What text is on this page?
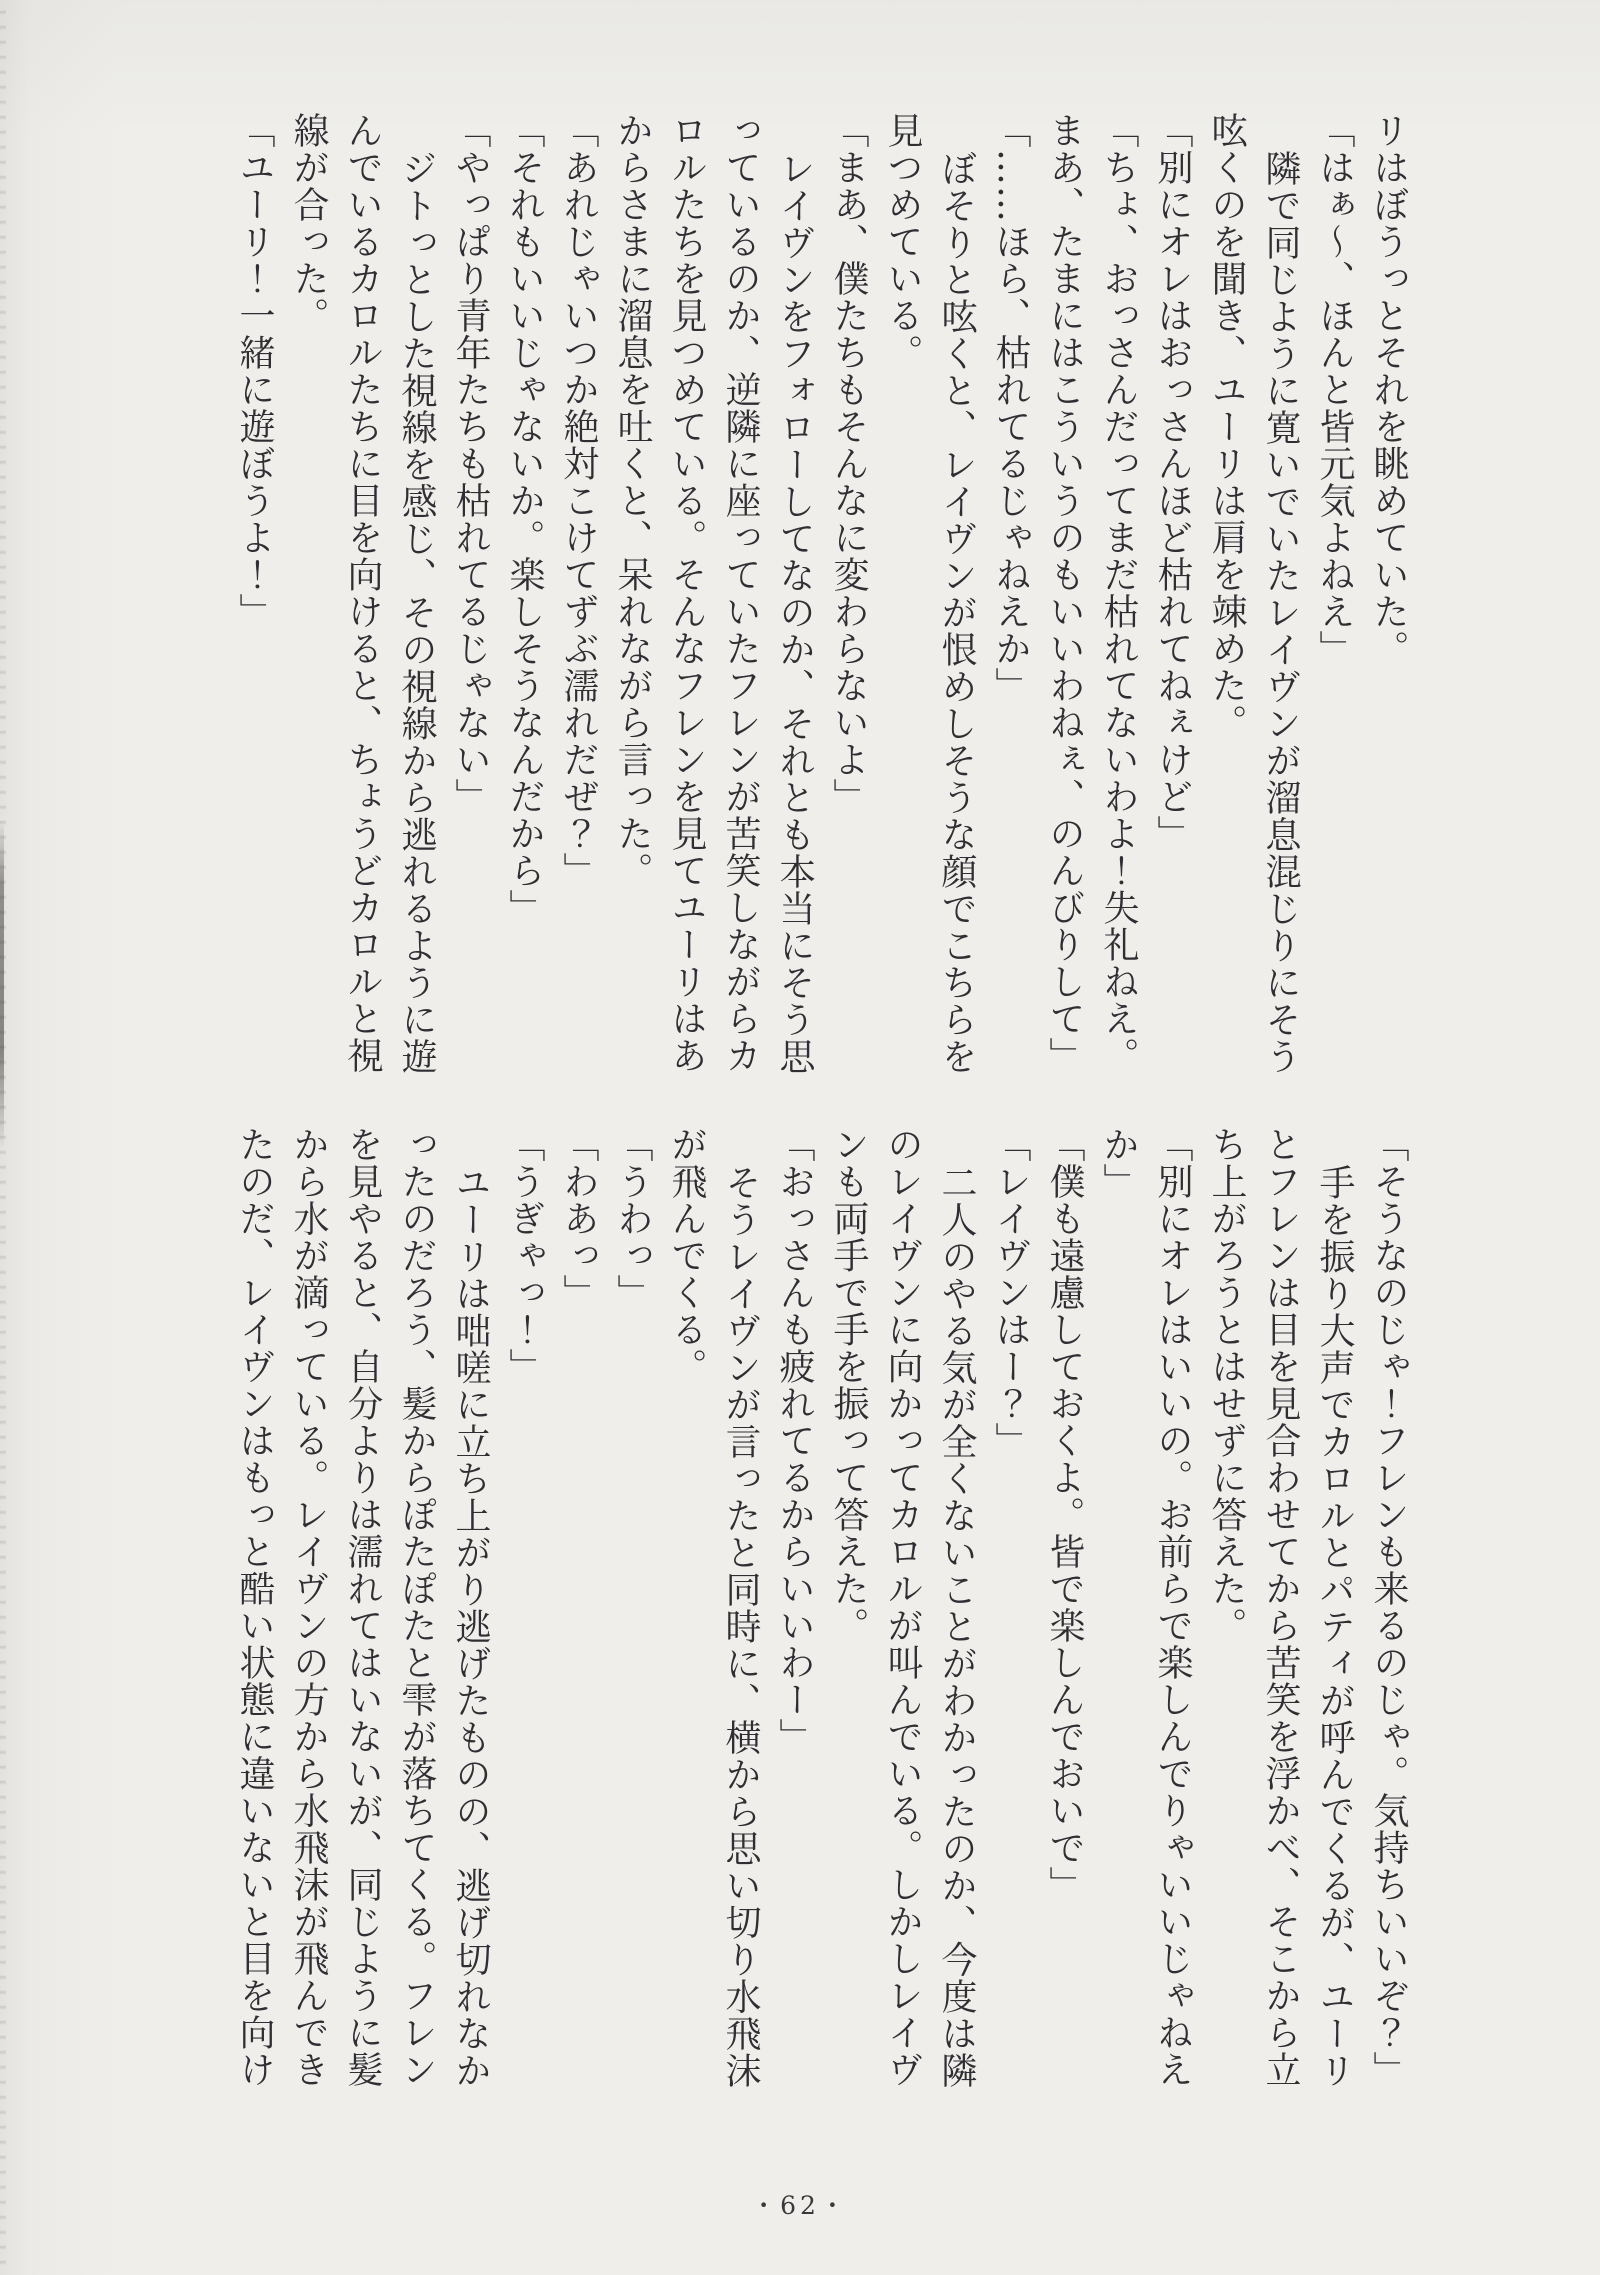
リはぼうっとそれを眺めていた。
「はぁ～、ほんと皆元気よねえ」
隣で同じように寛いでいたレイヴンが溜息混じりにそう
呟くのを聞き、ユーリは肩を竦めた。
「別にオレはおっさんほど枯れてねぇけど」
「ちょ、おっさんだってまだ枯れてないわよ！失礼ねえ。
まあ、たまにはこういうのもいいわねぇ、のんびりして」
「……ほら、枯れてるじゃねえか」
ぼそりと呟くと、レイヴンが恨めしそうな顔でこちらを
見つめている。
「まあ、僕たちもそんなに変わらないよ」
レイヴンをフォローしてなのか、それとも本当にそう思
っているのか、逆隣に座っていたフレンが苦笑しながらカ
ロルたちを見つめている。そんなフレンを見てユーリはあ
からさまに溜息を吐くと、呆れながら言った。
「あれじゃいつか絶対こけてずぶ濡れだぜ？」
「それもいいじゃないか。楽しそうなんだから」
「やっぱり青年たちも枯れてるじゃない」
ジトっとした視線を感じ、その視線から逃れるように遊
んでいるカロルたちに目を向けると、ちょうどカロルと視
線が合った。
「ユーリ！一緒に遊ぼうよ！」
「そうなのじゃ！フレンも来るのじゃ。気持ちいいぞ？」
手を振り大声でカロルとパティが呼んでくるが、ユーリ
とフレンは目を見合わせてから苦笑を浮かべ、そこから立
ち上がろうとはせずに答えた。
「別にオレはいいの。お前らで楽しんでりゃいいじゃねえ
か」
「僕も遠慮しておくよ。皆で楽しんでおいで」
「レイヴンはー？」
二人のやる気が全くないことがわかったのか、今度は隣
のレイヴンに向かってカロルが叫んでいる。しかしレイヴ
ンも両手で手を振って答えた。
「おっさんも疲れてるからいいわー」
そうレイヴンが言ったと同時に、横から思い切り水飛沫
が飛んでくる。
「うわっ」
「わあっ」
「うぎゃっ！」
ユーリは咄嗟に立ち上がり逃げたものの、逃げ切れなか
ったのだろう、髪からぽたぽたと雫が落ちてくる。フレン
を見やると、自分よりは濡れてはいないが、同じように髪
から水が滴っている。レイヴンの方から水飛沫が飛んでき
たのだ、レイヴンはもっと酷い状態に違いないと目を向け
・62・
